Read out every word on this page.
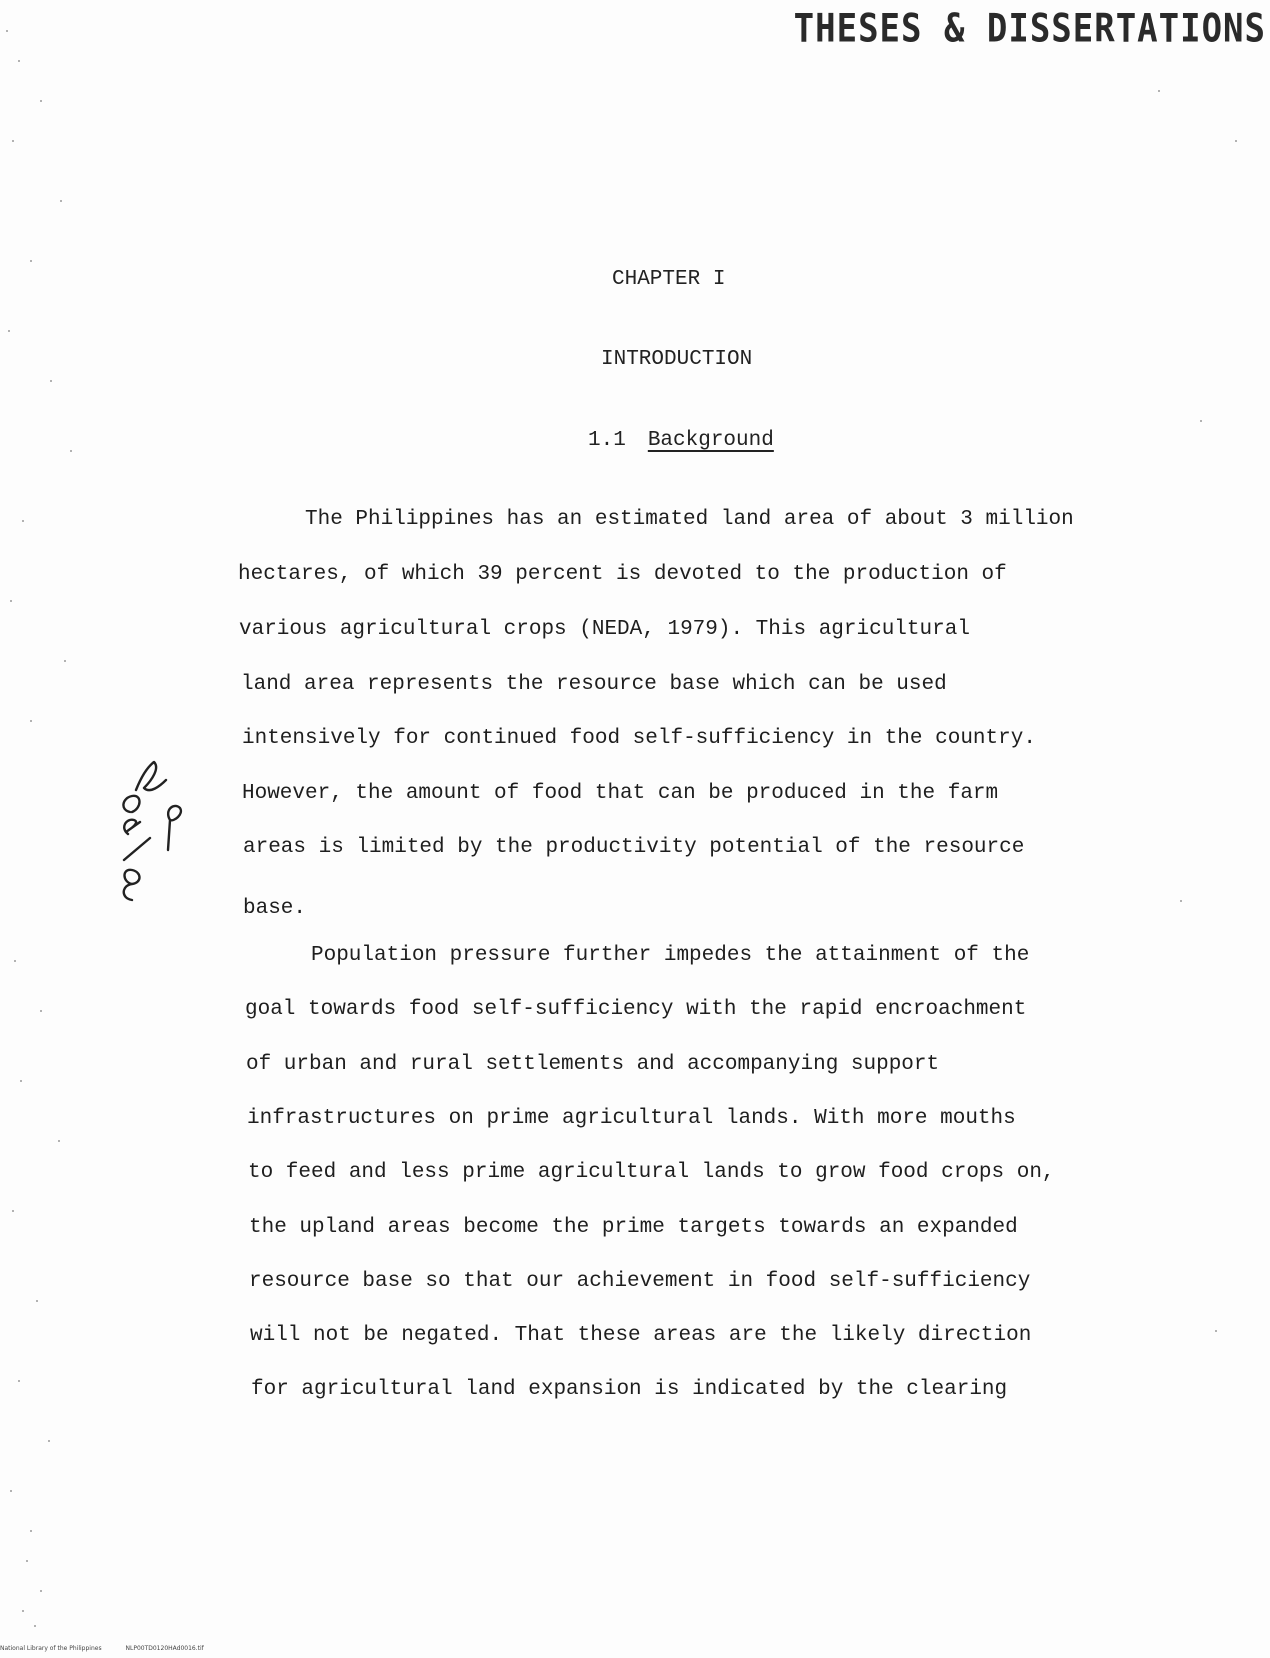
THESES & DISSERTATIONS
CHAPTER I
INTRODUCTION
1.1 Background
The Philippines has an estimated land area of about 3 million
hectares, of which 39 percent is devoted to the production of
various agricultural crops (NEDA, 1979). This agricultural
land area represents the resource base which can be used
intensively for continued food self-sufficiency in the country.
However, the amount of food that can be produced in the farm
areas is limited by the productivity potential of the resource
base.
Population pressure further impedes the attainment of the
goal towards food self-sufficiency with the rapid encroachment
of urban and rural settlements and accompanying support
infrastructures on prime agricultural lands. With more mouths
to feed and less prime agricultural lands to grow food crops on,
the upland areas become the prime targets towards an expanded
resource base so that our achievement in food self-sufficiency
will not be negated. That these areas are the likely direction
for agricultural land expansion is indicated by the clearing
National Library of the Philippines	NLP00TD0120HAd0016.tif
